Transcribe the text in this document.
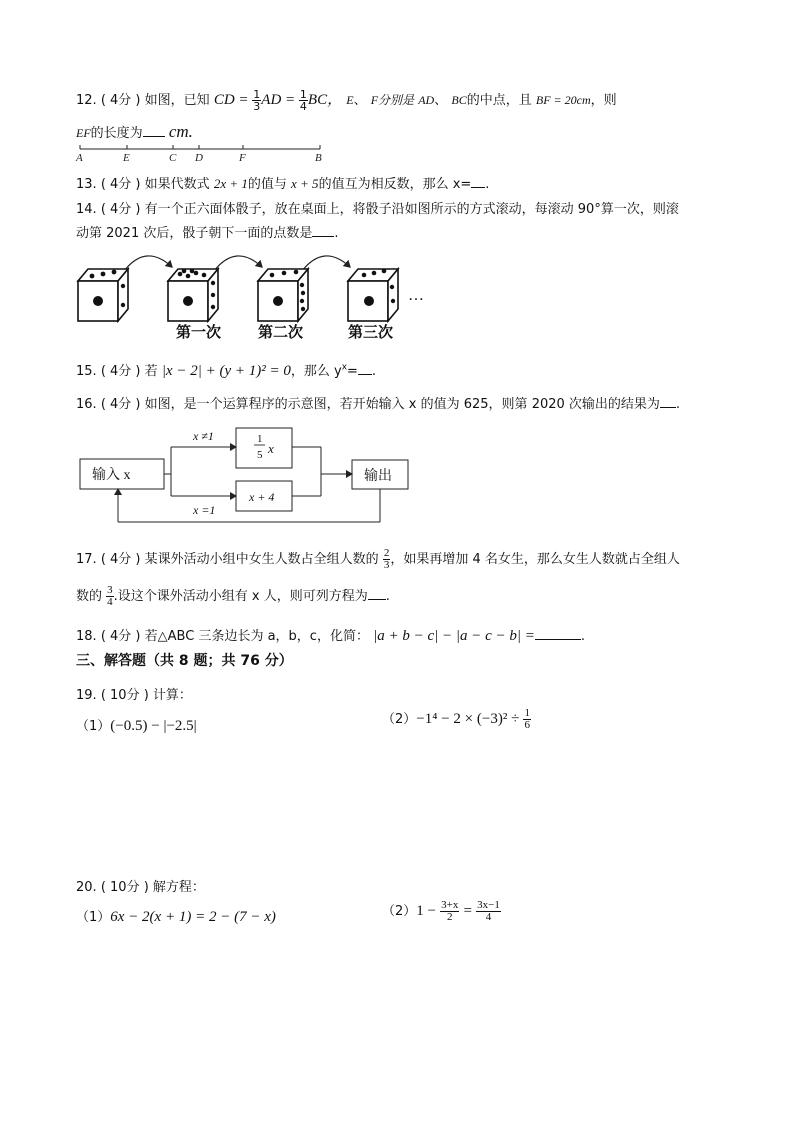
12. ( 4分 ) 如图，已知 CD = $\frac{1}{3}$ AD = $\frac{1}{4}$ BC， E、 F分别是 AD、 BC的中点，且 BF = 20cm，则
EF的长度为 cm.
A	E	C D	F	B
13. ( 4分 ) 如果代数式 2x + 1的值与 x + 5的值互为相反数，那么 x= .
14. ( 4分 ) 有一个正六面体骰子，放在桌面上，将骰子沿如图所示的方式滚动，每滚动 90°算一次，则滚
动第 2021 次后，骰子朝下一面的点数是 .
第一次 第二次	第三次
…
15. ( 4分 ) 若 |x − 2| + (y + 1)² = 0，那么 $y^x=$ .
16. ( 4分 ) 如图，是一个运算程序的示意图，若开始输入 x 的值为 625，则第 2020 次输出的结果为 .
输入 x	输出
x ≠1
x =1
1
5 x
x + 4
17. ( 4分 ) 某课外活动小组中女生人数占全组人数的 $\frac{2}{3}$ ，如果再增加 4 名女生，那么女生人数就占全组人
数的 $\frac{3}{4}$ .设这个课外活动小组有 x 人，则可列方程为 .
18. ( 4分 ) 若△ABC 三条边长为 a，b，c，化简： |a + b − c| − |a − c − b| =	.
三、解答题（共 8 题；共 76 分）
19. ( 10分 ) 计算：
（1）(−0.5) − |−2.5|	$(2)-1^4 - 2 \times (-3)^2 \div \frac{1}{6}$
20. ( 10分 ) 解方程：
（1）6x − 2(x + 1) = 2 − (7 − x)	$(2)1 - \frac{3+x}{2} = \frac{3x-1}{4}$
